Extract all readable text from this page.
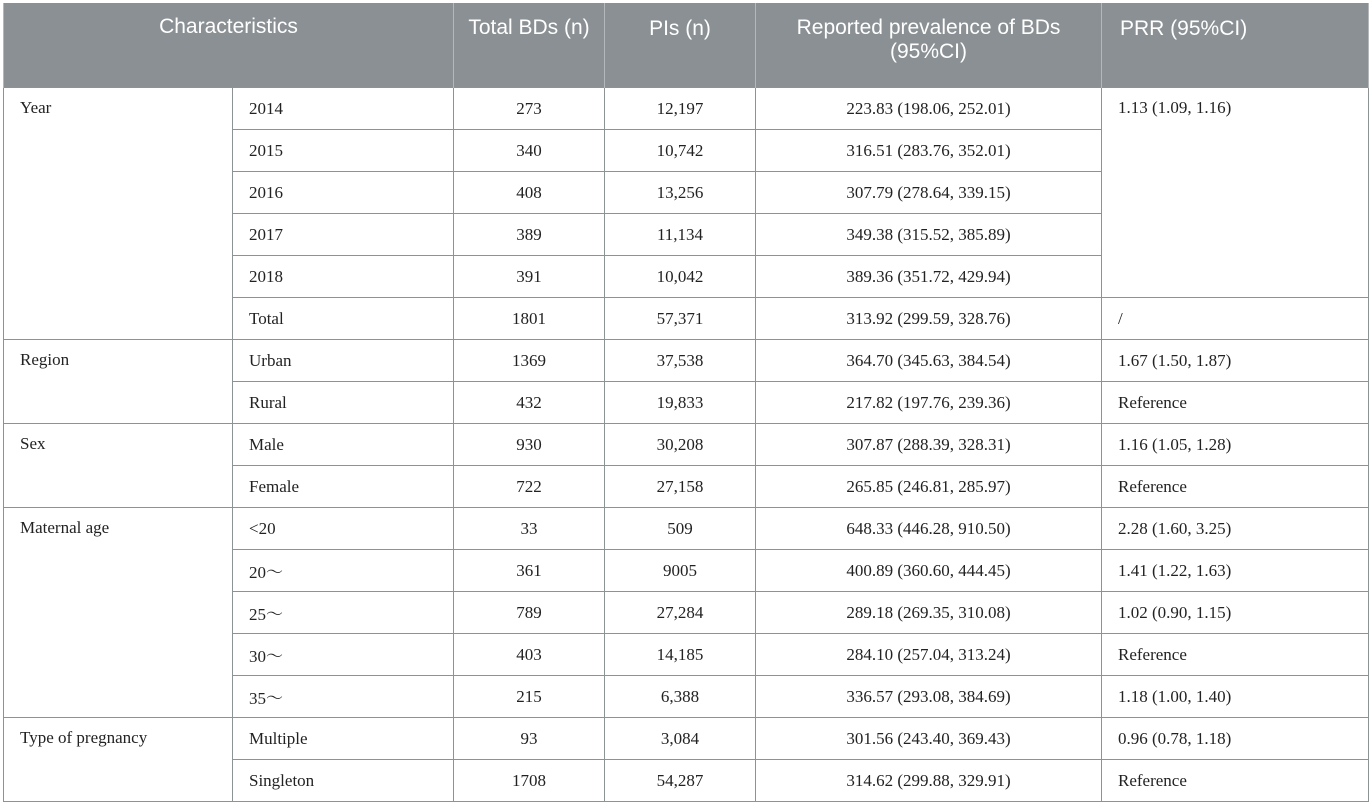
Characteristics		Total BDs (n)	PIs (n)	Reported prevalence of BDs (95%CI)	PRR (95%CI)
Year	2014	273	12,197	223.83 (198.06, 252.01)	1.13 (1.09, 1.16)
	2015	340	10,742	316.51 (283.76, 352.01)	
	2016	408	13,256	307.79 (278.64, 339.15)	
	2017	389	11,134	349.38 (315.52, 385.89)	
	2018	391	10,042	389.36 (351.72, 429.94)	
	Total	1801	57,371	313.92 (299.59, 328.76)	/
Region	Urban	1369	37,538	364.70 (345.63, 384.54)	1.67 (1.50, 1.87)
	Rural	432	19,833	217.82 (197.76, 239.36)	Reference
Sex	Male	930	30,208	307.87 (288.39, 328.31)	1.16 (1.05, 1.28)
	Female	722	27,158	265.85 (246.81, 285.97)	Reference
Maternal age	<20	33	509	648.33 (446.28, 910.50)	2.28 (1.60, 3.25)
	20～	361	9005	400.89 (360.60, 444.45)	1.41 (1.22, 1.63)
	25～	789	27,284	289.18 (269.35, 310.08)	1.02 (0.90, 1.15)
	30～	403	14,185	284.10 (257.04, 313.24)	Reference
	35～	215	6,388	336.57 (293.08, 384.69)	1.18 (1.00, 1.40)
Type of pregnancy	Multiple	93	3,084	301.56 (243.40, 369.43)	0.96 (0.78, 1.18)
	Singleton	1708	54,287	314.62 (299.88, 329.91)	Reference
